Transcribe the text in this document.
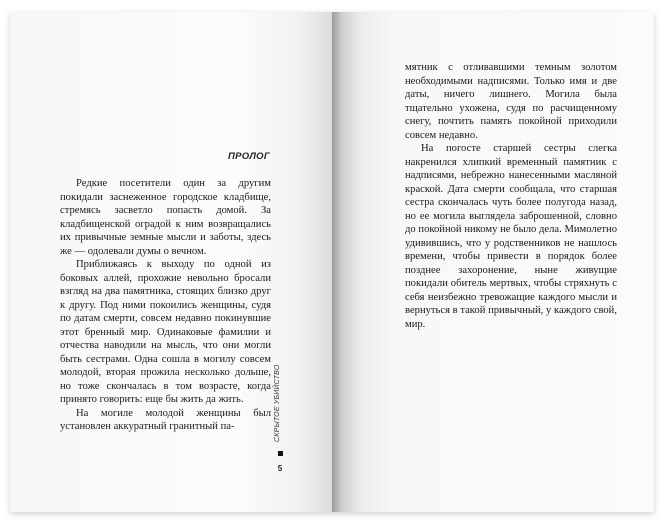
ПРОЛОГ

Редкие посетители один за другим покидали заснеженное городское кладбище, стремясь засветло попасть домой. За кладбищенской оградой к ним возвращались их привычные земные мысли и заботы, здесь же — одолевали думы о вечном.

Приближаясь к выходу по одной из боковых аллей, прохожие невольно бросали взгляд на два памятника, стоящих близко друг к другу. Под ними покоились женщины, судя по датам смерти, совсем недавно покинувшие этот бренный мир. Одинаковые фамилии и отчества наводили на мысль, что они могли быть сестрами. Одна сошла в могилу совсем молодой, вторая прожила несколько дольше, но тоже скончалась в том возрасте, когда принято говорить: еще бы жить да жить.

На могиле молодой женщины был установлен аккуратный гранитный па-	СКРЫТОЕ УБИЙСТВО
5

мятник с отливавшими темным золотом необходимыми надписями. Только имя и две даты, ничего лишнего. Могила была тщательно ухожена, судя по расчищенному снегу, почтить память покойной приходили совсем недавно.

На погосте старшей сестры слегка накренился хлипкий временный памятник с надписями, небрежно нанесенными масляной краской. Дата смерти сообщала, что старшая сестра скончалась чуть более полугода назад, но ее могила выглядела заброшенной, словно до покойной никому не было дела. Мимолетно удивившись, что у родственников не нашлось времени, чтобы привести в порядок более позднее захоронение, ныне живущие покидали обитель мертвых, чтобы стряхнуть с себя неизбежно тревожащие каждого мысли и вернуться в такой привычный, у каждого свой, мир.
